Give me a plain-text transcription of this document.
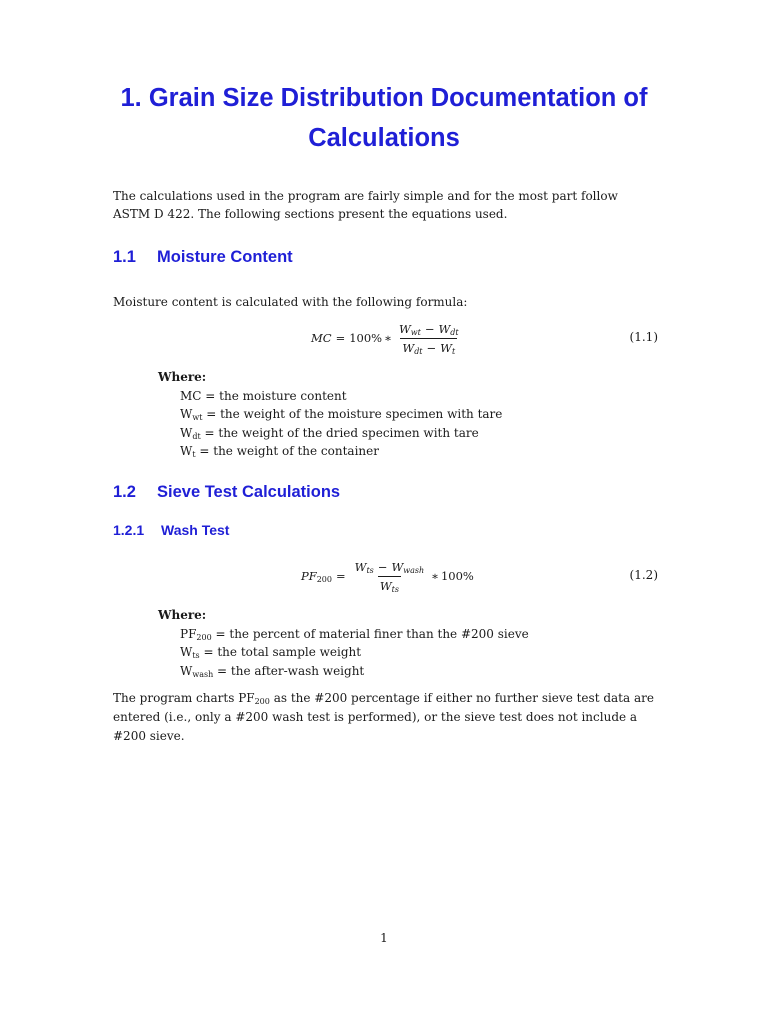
1. Grain Size Distribution Documentation of Calculations

The calculations used in the program are fairly simple and for the most part follow ASTM D 422. The following sections present the equations used.

1.1 Moisture Content

Moisture content is calculated with the following formula:

MC = 100% ∗ $\frac{W_{wt} - W_{dt}}{W_{dt} - W_t}$	(1.1)
Where:
MC = the moisture content
$W_{wt}$ = the weight of the moisture specimen with tare
$W_{dt}$ = the weight of the dried specimen with tare
$W_t$ = the weight of the container
1.2 Sieve Test Calculations
1.2.1 Wash Test
$PF_{200} = \frac{W_{ts} - W_{wash}}{W_{ts}}$ ∗ 100%	(1.2)
Where:
$PF_{200}$ = the percent of material finer than the #200 sieve
$W_{ts}$ = the total sample weight
$W_{wash}$ = the after-wash weight

The program charts $PF_{200}$ as the #200 percentage if either no further sieve test data are entered (i.e., only a #200 wash test is performed), or the sieve test does not include a #200 sieve.

1
